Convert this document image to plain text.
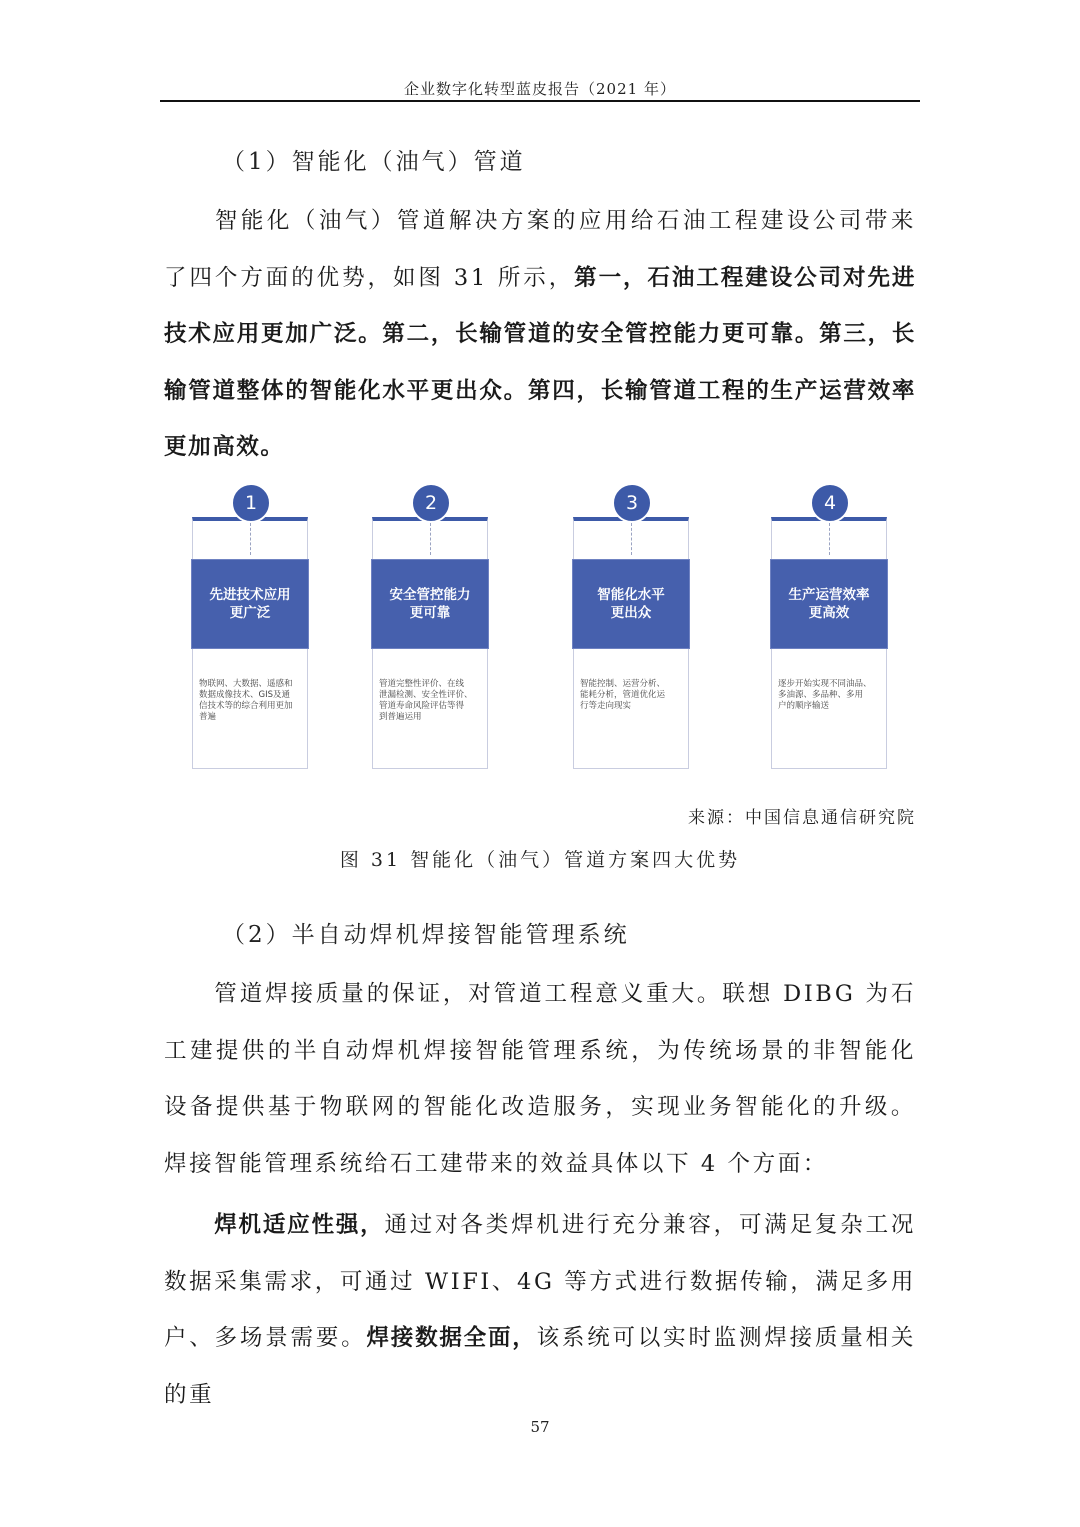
企业数字化转型蓝皮报告（2021 年）
（1）智能化（油气）管道
智能化（油气）管道解决方案的应用给石油工程建设公司带来了四个方面的优势，如图 31 所示，第一，石油工程建设公司对先进技术应用更加广泛。第二，长输管道的安全管控能力更可靠。第三，长输管道整体的智能化水平更出众。第四，长输管道工程的生产运营效率更加高效。
1
先进技术应用
更广泛
物联网、大数据、遥感和
数据成像技术、GIS及通
信技术等的综合利用更加
普遍
2
安全管控能力
更可靠
管道完整性评价、在线
泄漏检测、安全性评价、
管道寿命风险评估等得
到普遍运用
3
智能化水平
更出众
智能控制、运营分析、
能耗分析，管道优化运
行等走向现实
4
生产运营效率
更高效
逐步开始实现不同油品、
多油源、多品种、多用
户的顺序输送
来源：中国信息通信研究院
图 31 智能化（油气）管道方案四大优势
（2）半自动焊机焊接智能管理系统
管道焊接质量的保证，对管道工程意义重大。联想 DIBG 为石工建提供的半自动焊机焊接智能管理系统，为传统场景的非智能化设备提供基于物联网的智能化改造服务，实现业务智能化的升级。焊接智能管理系统给石工建带来的效益具体以下 4 个方面：
焊机适应性强，通过对各类焊机进行充分兼容，可满足复杂工况数据采集需求，可通过 WIFI、4G 等方式进行数据传输，满足多用户、多场景需要。焊接数据全面，该系统可以实时监测焊接质量相关的重
57
